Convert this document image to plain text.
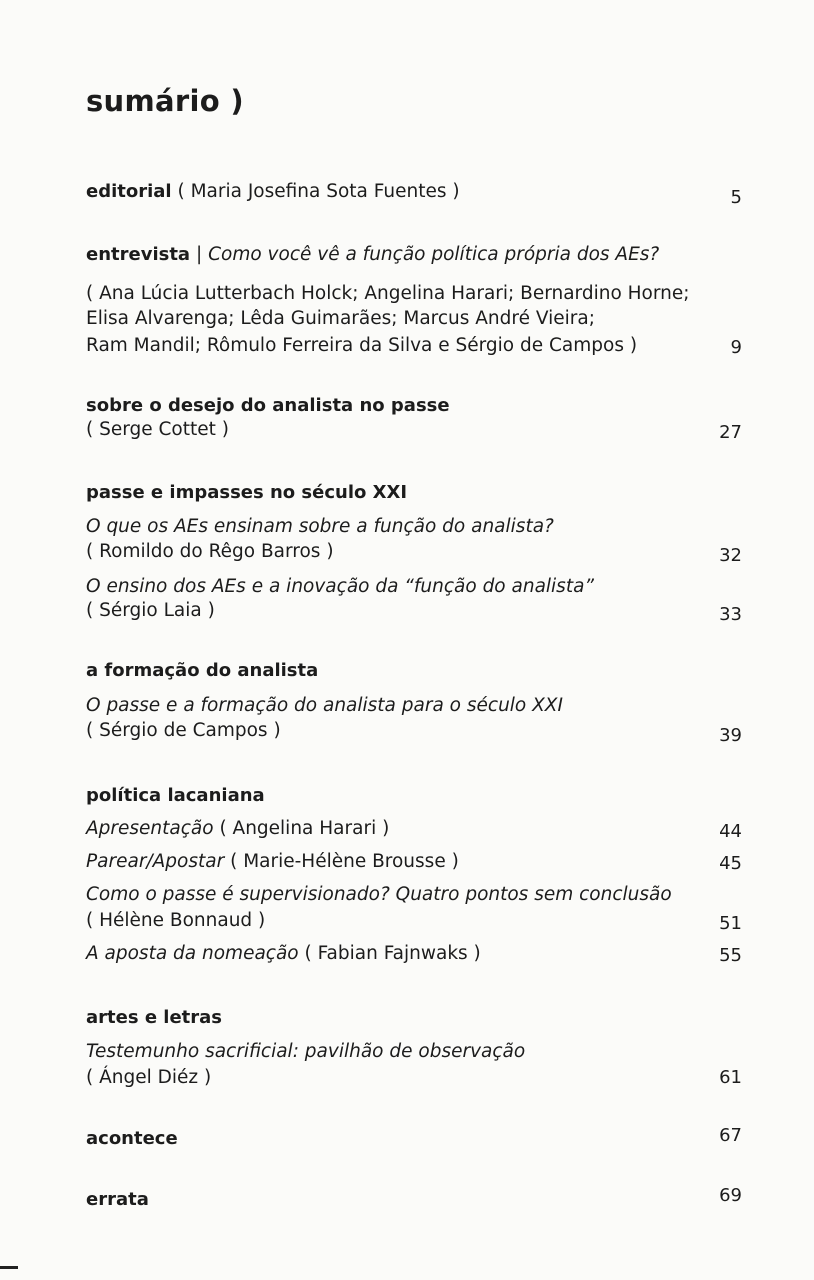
sumário )
editorial ( Maria Josefina Sota Fuentes )	5
entrevista | Como você vê a função política própria dos AEs?
( Ana Lúcia Lutterbach Holck; Angelina Harari; Bernardino Horne;
Elisa Alvarenga; Lêda Guimarães; Marcus André Vieira;
Ram Mandil; Rômulo Ferreira da Silva e Sérgio de Campos )	9
sobre o desejo do analista no passe
( Serge Cottet )	27
passe e impasses no século XXI
O que os AEs ensinam sobre a função do analista?
( Romildo do Rêgo Barros )	32
O ensino dos AEs e a inovação da “função do analista”
( Sérgio Laia )	33
a formação do analista
O passe e a formação do analista para o século XXI
( Sérgio de Campos )	39
política lacaniana
Apresentação ( Angelina Harari )	44
Parear/Apostar ( Marie-Hélène Brousse )	45
Como o passe é supervisionado? Quatro pontos sem conclusão
( Hélène Bonnaud )	51
A aposta da nomeação ( Fabian Fajnwaks )	55
artes e letras
Testemunho sacrificial: pavilhão de observação
( Ángel Diéz )	61
acontece	67
errata	69
